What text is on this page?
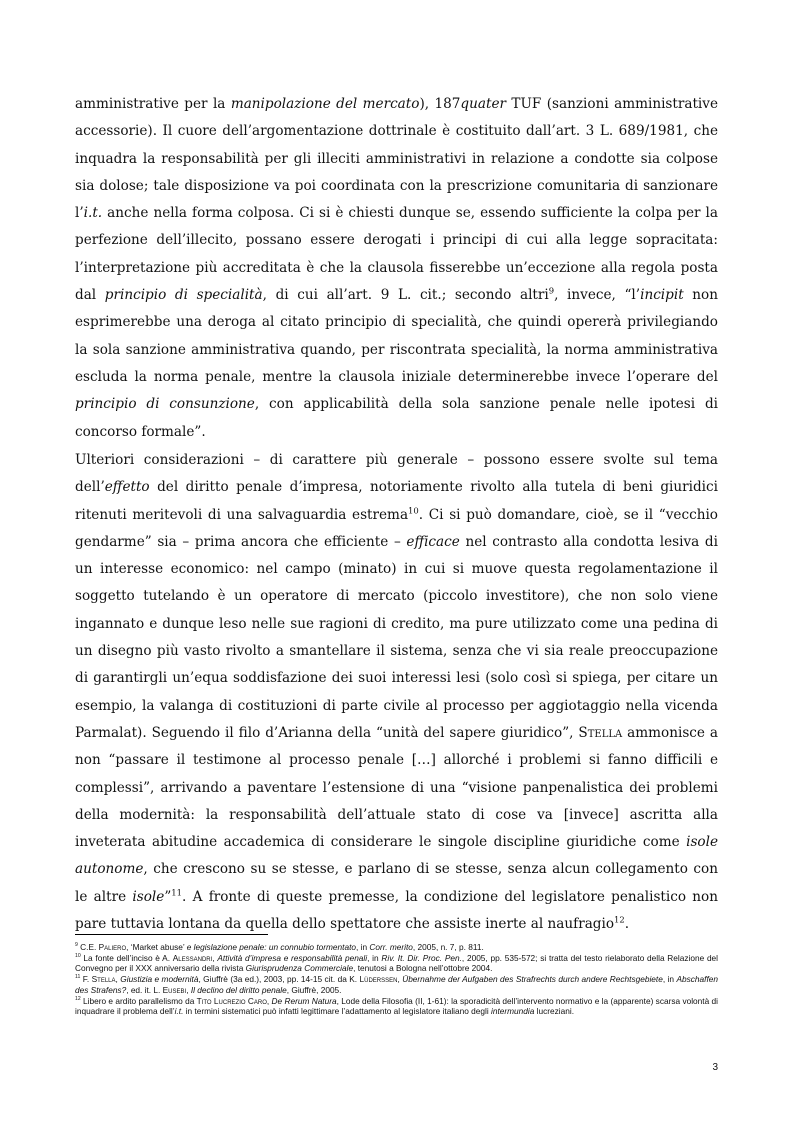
amministrative per la manipolazione del mercato), 187quater TUF (sanzioni amministrative accessorie). Il cuore dell’argomentazione dottrinale è costituito dall’art. 3 L. 689/1981, che inquadra la responsabilità per gli illeciti amministrativi in relazione a condotte sia colpose sia dolose; tale disposizione va poi coordinata con la prescrizione comunitaria di sanzionare l’i.t. anche nella forma colposa. Ci si è chiesti dunque se, essendo sufficiente la colpa per la perfezione dell’illecito, possano essere derogati i principi di cui alla legge sopracitata: l’interpretazione più accreditata è che la clausola fisserebbe un’eccezione alla regola posta dal principio di specialità, di cui all’art. 9 L. cit.; secondo altri$^9$, invece, “l’incipit non esprimerebbe una deroga al citato principio di specialità, che quindi opererà privilegiando la sola sanzione amministrativa quando, per riscontrata specialità, la norma amministrativa escluda la norma penale, mentre la clausola iniziale determinerebbe invece l’operare del principio di consunzione, con applicabilità della sola sanzione penale nelle ipotesi di concorso formale”.

Ulteriori considerazioni – di carattere più generale – possono essere svolte sul tema dell’effetto del diritto penale d’impresa, notoriamente rivolto alla tutela di beni giuridici ritenuti meritevoli di una salvaguardia estrema$^{10}$. Ci si può domandare, cioè, se il “vecchio gendarme” sia – prima ancora che efficiente – efficace nel contrasto alla condotta lesiva di un interesse economico: nel campo (minato) in cui si muove questa regolamentazione il soggetto tutelando è un operatore di mercato (piccolo investitore), che non solo viene ingannato e dunque leso nelle sue ragioni di credito, ma pure utilizzato come una pedina di un disegno più vasto rivolto a smantellare il sistema, senza che vi sia reale preoccupazione di garantirgli un’equa soddisfazione dei suoi interessi lesi (solo così si spiega, per citare un esempio, la valanga di costituzioni di parte civile al processo per aggiotaggio nella vicenda Parmalat). Seguendo il filo d’Arianna della “unità del sapere giuridico”, Stella ammonisce a non “passare il testimone al processo penale […] allorché i problemi si fanno difficili e complessi”, arrivando a paventare l’estensione di una “visione panpenalistica dei problemi della modernità: la responsabilità dell’attuale stato di cose va [invece] ascritta alla inveterata abitudine accademica di considerare le singole discipline giuridiche come isole autonome, che crescono su se stesse, e parlano di se stesse, senza alcun collegamento con le altre isole”$^{11}$. A fronte di queste premesse, la condizione del legislatore penalistico non pare tuttavia lontana da quella dello spettatore che assiste inerte al naufragio$^{12}$.

$^9$ C.E. Paliero, ‘Market abuse’ e legislazione penale: un connubio tormentato, in Corr. merito, 2005, n. 7, p. 811.

$^{10}$ La fonte dell’inciso è A. Alessandri, Attività d’impresa e responsabilità penali, in Riv. It. Dir. Proc. Pen., 2005, pp. 535-572; si tratta del testo rielaborato della Relazione del Convegno per il XXX anniversario della rivista Giurisprudenza Commerciale, tenutosi a Bologna nell’ottobre 2004.

$^{11}$ F. Stella, Giustizia e modernità, Giuffrè (3a ed.), 2003, pp. 14-15 cit. da K. Lüderssen, Übernahme der Aufgaben des Strafrechts durch andere Rechtsgebiete, in Abschaffen des Strafens?, ed. it. L. Eusebi, Il declino del diritto penale, Giuffrè, 2005.

$^{12}$ Libero e ardito parallelismo da Tito Lucrezio Caro, De Rerum Natura, Lode della Filosofia (II, 1-61): la sporadicità dell’intervento normativo e la (apparente) scarsa volontà di inquadrare il problema dell’i.t. in termini sistematici può infatti legittimare l’adattamento al legislatore italiano degli intermundia lucreziani.

3
